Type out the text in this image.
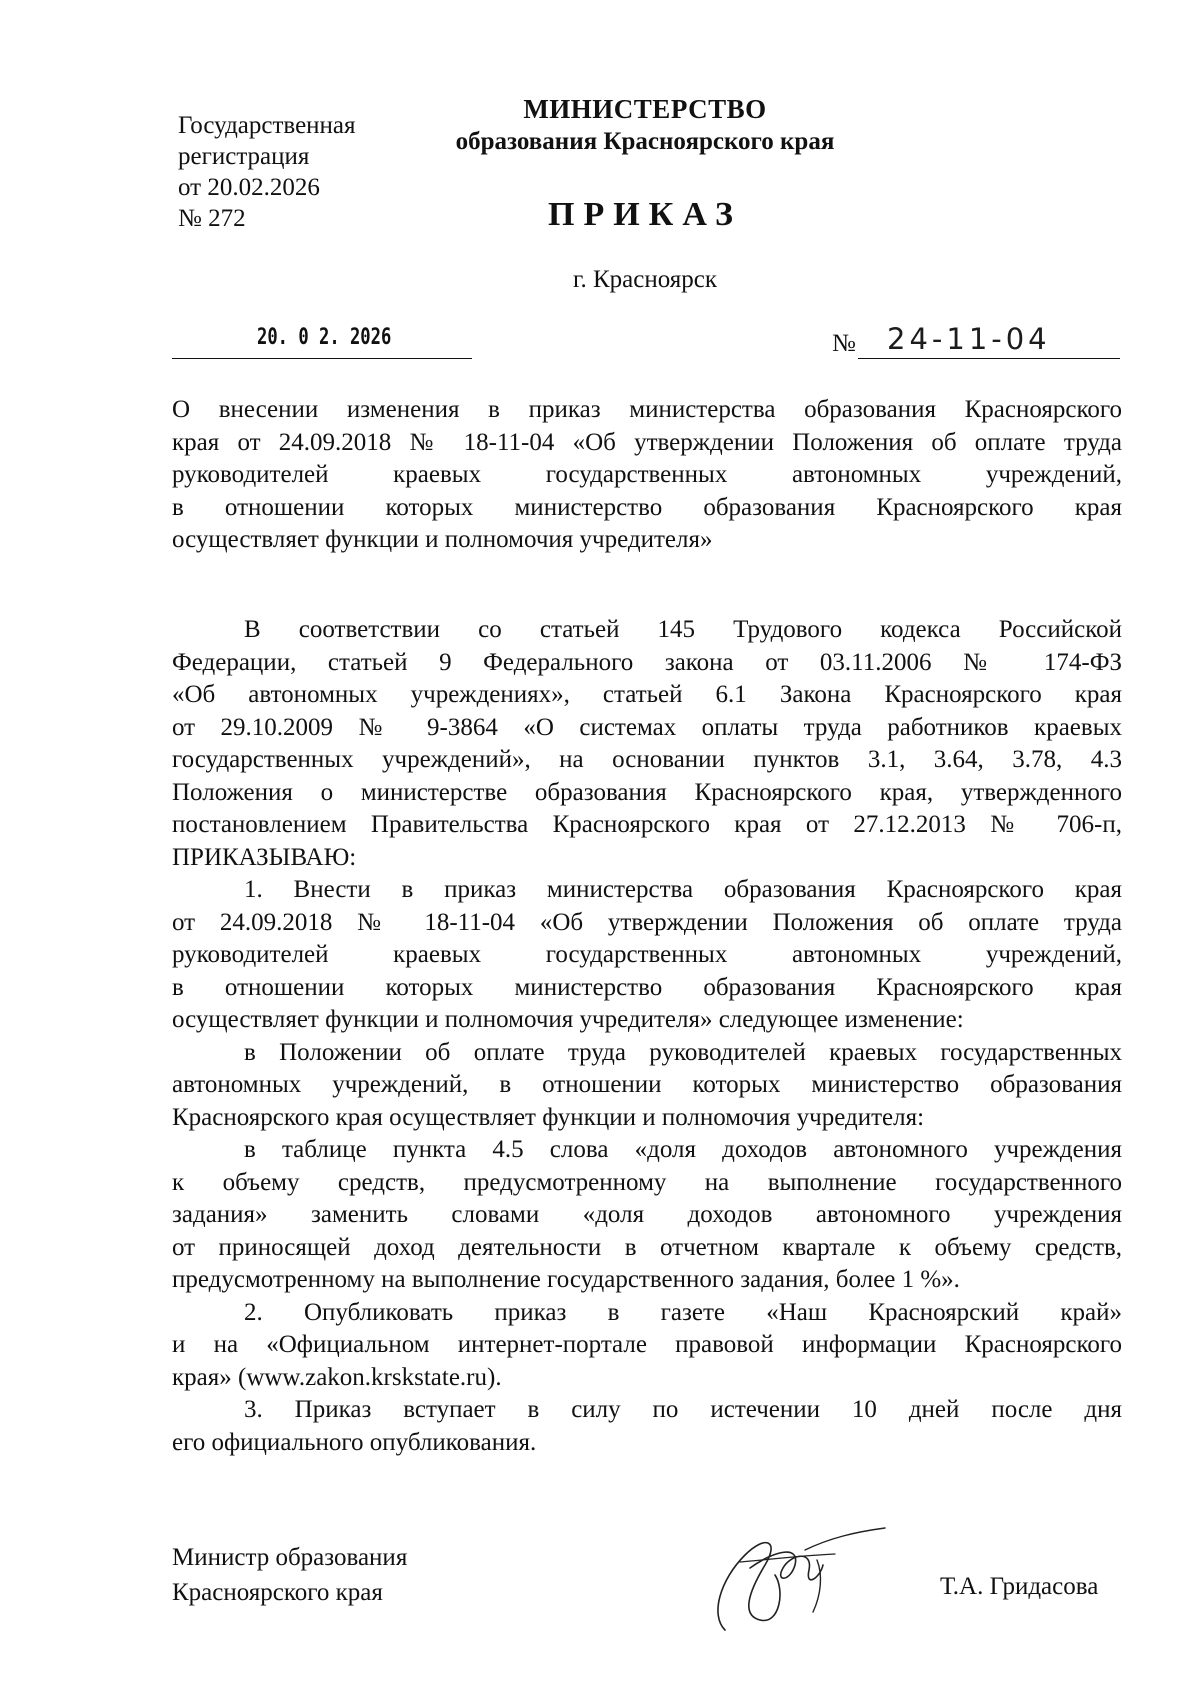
Государственная
регистрация
от 20.02.2026
№ 272
МИНИСТЕРСТВО
образования Красноярского края
ПРИКАЗ
г. Красноярск
20. 0 2. 2026	№ 24-11-04
О внесении изменения в приказ министерства образования Красноярского
края от 24.09.2018 № 18-11-04 «Об утверждении Положения об оплате труда
руководителей краевых государственных автономных учреждений,
в отношении которых министерство образования Красноярского края
осуществляет функции и полномочия учредителя»
В соответствии со статьей 145 Трудового кодекса Российской
Федерации, статьей 9 Федерального закона от 03.11.2006 № 174-ФЗ
«Об автономных учреждениях», статьей 6.1 Закона Красноярского края
от 29.10.2009 № 9-3864 «О системах оплаты труда работников краевых
государственных учреждений», на основании пунктов 3.1, 3.64, 3.78, 4.3
Положения о министерстве образования Красноярского края, утвержденного
постановлением Правительства Красноярского края от 27.12.2013 № 706-п,
ПРИКАЗЫВАЮ:
1. Внести в приказ министерства образования Красноярского края
от 24.09.2018 № 18-11-04 «Об утверждении Положения об оплате труда
руководителей краевых государственных автономных учреждений,
в отношении которых министерство образования Красноярского края
осуществляет функции и полномочия учредителя» следующее изменение:
в Положении об оплате труда руководителей краевых государственных
автономных учреждений, в отношении которых министерство образования
Красноярского края осуществляет функции и полномочия учредителя:
в таблице пункта 4.5 слова «доля доходов автономного учреждения
к объему средств, предусмотренному на выполнение государственного
задания» заменить словами «доля доходов автономного учреждения
от приносящей доход деятельности в отчетном квартале к объему средств,
предусмотренному на выполнение государственного задания, более 1 %».
2. Опубликовать приказ в газете «Наш Красноярский край»
и на «Официальном интернет-портале правовой информации Красноярского
края» (www.zakon.krskstate.ru).
3. Приказ вступает в силу по истечении 10 дней после дня
его официального опубликования.
Министр образования
Красноярского края	Т.А. Гридасова
